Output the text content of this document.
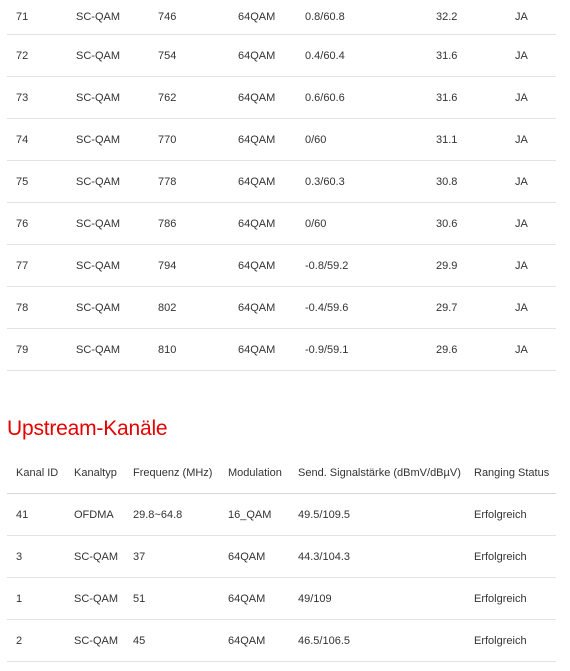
71	SC-QAM	746	64QAM	0.8/60.8	32.2	JA
72	SC-QAM	754	64QAM	0.4/60.4	31.6	JA
73	SC-QAM	762	64QAM	0.6/60.6	31.6	JA
74	SC-QAM	770	64QAM	0/60	31.1	JA
75	SC-QAM	778	64QAM	0.3/60.3	30.8	JA
76	SC-QAM	786	64QAM	0/60	30.6	JA
77	SC-QAM	794	64QAM	-0.8/59.2	29.9	JA
78	SC-QAM	802	64QAM	-0.4/59.6	29.7	JA
79	SC-QAM	810	64QAM	-0.9/59.1	29.6	JA
Upstream-Kanäle
Kanal ID	Kanaltyp	Frequenz (MHz)	Modulation	Send. Signalstärke (dBmV/dBµV)	Ranging Status
41	OFDMA	29.8~64.8	16_QAM	49.5/109.5	Erfolgreich
3	SC-QAM	37	64QAM	44.3/104.3	Erfolgreich
1	SC-QAM	51	64QAM	49/109	Erfolgreich
2	SC-QAM	45	64QAM	46.5/106.5	Erfolgreich
